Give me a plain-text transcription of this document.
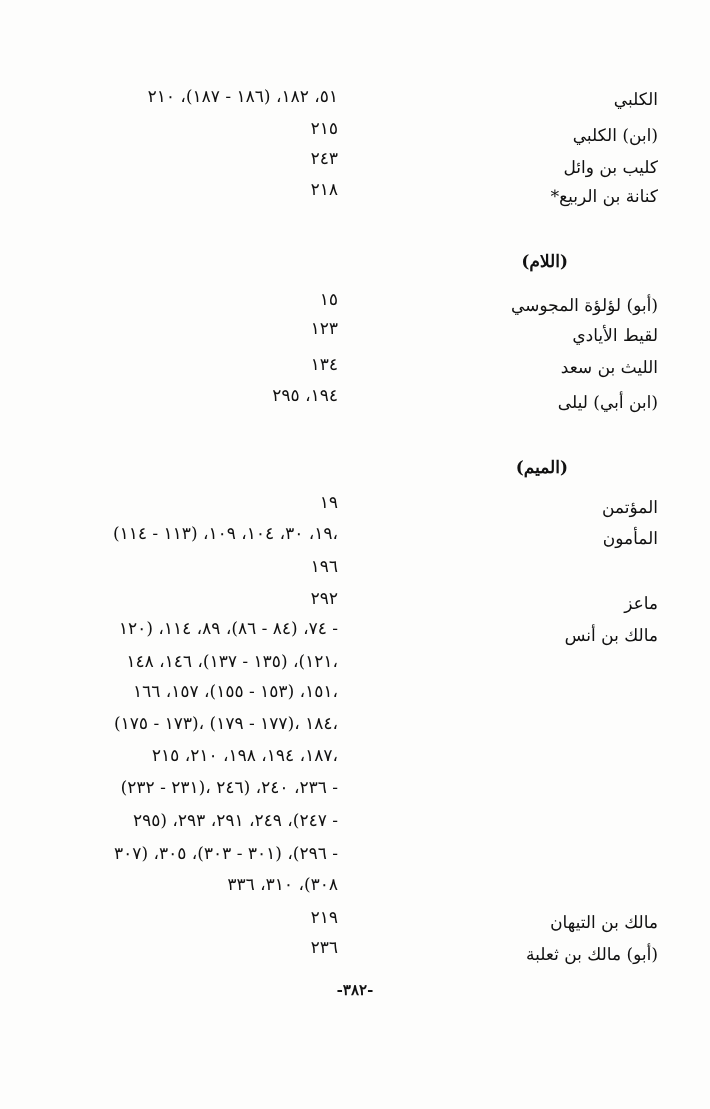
الكلبي
٥١، ١٨٢، (١٨٦ - ١٨٧)، ٢١٠
(ابن) الكلبي
٢١٥
كليب بن وائل
٢٤٣
كنانة بن الربيع*
٢١٨
(اللام)
(أبو) لؤلؤة المجوسي
١٥
لقيط الأيادي
١٢٣
الليث بن سعد
١٣٤
(ابن أبي) ليلى
١٩٤، ٢٩٥
(الميم)
المؤتمن
١٩
المأمون
١٩، ٣٠، ١٠٤، ١٠٩، (١١٣ - ١١٤)،
١٩٦
ماعز
٢٩٢
مالك بن أنس
٧٤، (٨٤ - ٨٦)، ٨٩، ١١٤، (١٢٠ -
١٢١)، (١٣٥ - ١٣٧)، ١٤٦، ١٤٨،
١٥١، (١٥٣ - ١٥٥)، ١٥٧، ١٦٦،
(١٧٣ - ١٧٥)، (١٧٧ - ١٧٩)، ١٨٤،
١٨٧، ١٩٤، ١٩٨، ٢١٠، ٢١٥،
(٢٣١ - ٢٣٢)، ٢٣٦، ٢٤٠، (٢٤٦ -
٢٤٧)، ٢٤٩، ٢٩١، ٢٩٣، (٢٩٥ -
٢٩٦)، (٣٠١ - ٣٠٣)، ٣٠٥، (٣٠٧ -
٣٠٨)، ٣١٠، ٣٣٦
مالك بن التيهان
٢١٩
(أبو) مالك بن ثعلبة
٢٣٦
-٣٨٢-
